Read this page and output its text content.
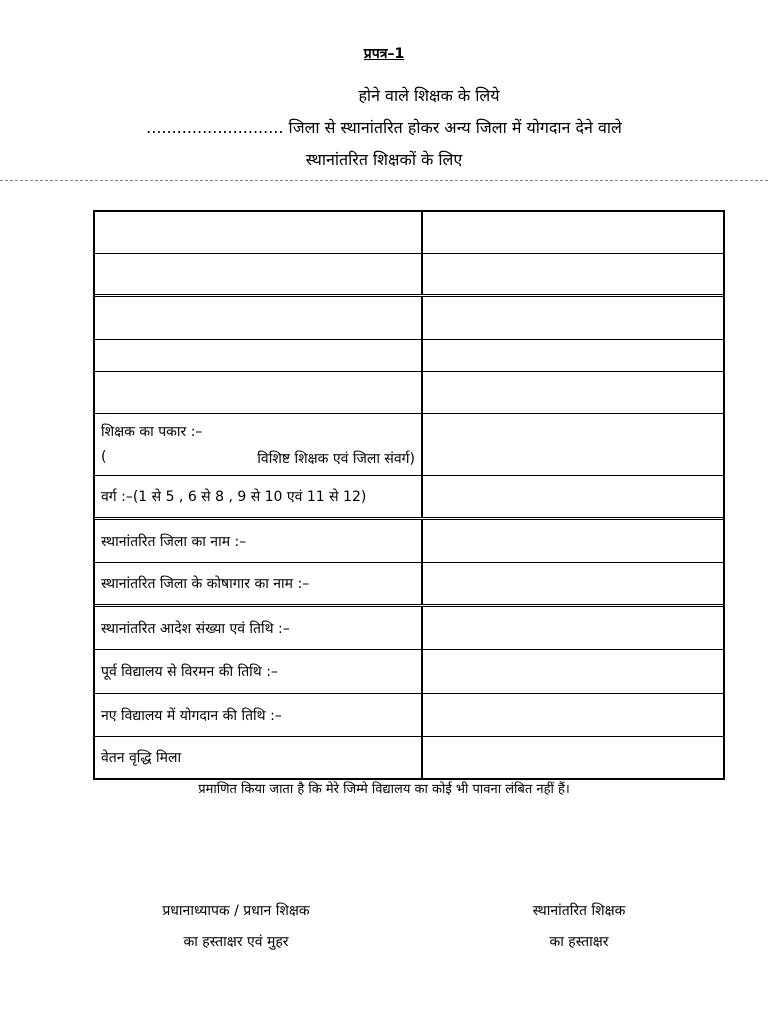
प्रपत्र–1
होने वाले शिक्षक के लिये
........................... जिला से स्थानांतरित होकर अन्य जिला में योगदान देने वाले
स्थानांतरित शिक्षकों के लिए
शिक्षक का पकार :–
(	विशिष्ट शिक्षक एवं जिला संवर्ग)
वर्ग :–(1 से 5 , 6 से 8 , 9 से 10 एवं 11 से 12)
स्थानांतरित जिला का नाम :–
स्थानांतरित जिला के कोषागार का नाम :–
स्थानांतरित आदेश संख्या एवं तिथि :–
पूर्व विद्यालय से विरमन की तिथि :–
नए विद्यालय में योगदान की तिथि :–
वेतन वृद्धि मिला
प्रमाणित किया जाता है कि मेरे जिम्मे विद्यालय का कोई भी पावना लंबित नहीं हैं।
प्रधानाध्यापक / प्रधान शिक्षक
का हस्ताक्षर एवं मुहर
स्थानांतरित शिक्षक
का हस्ताक्षर
